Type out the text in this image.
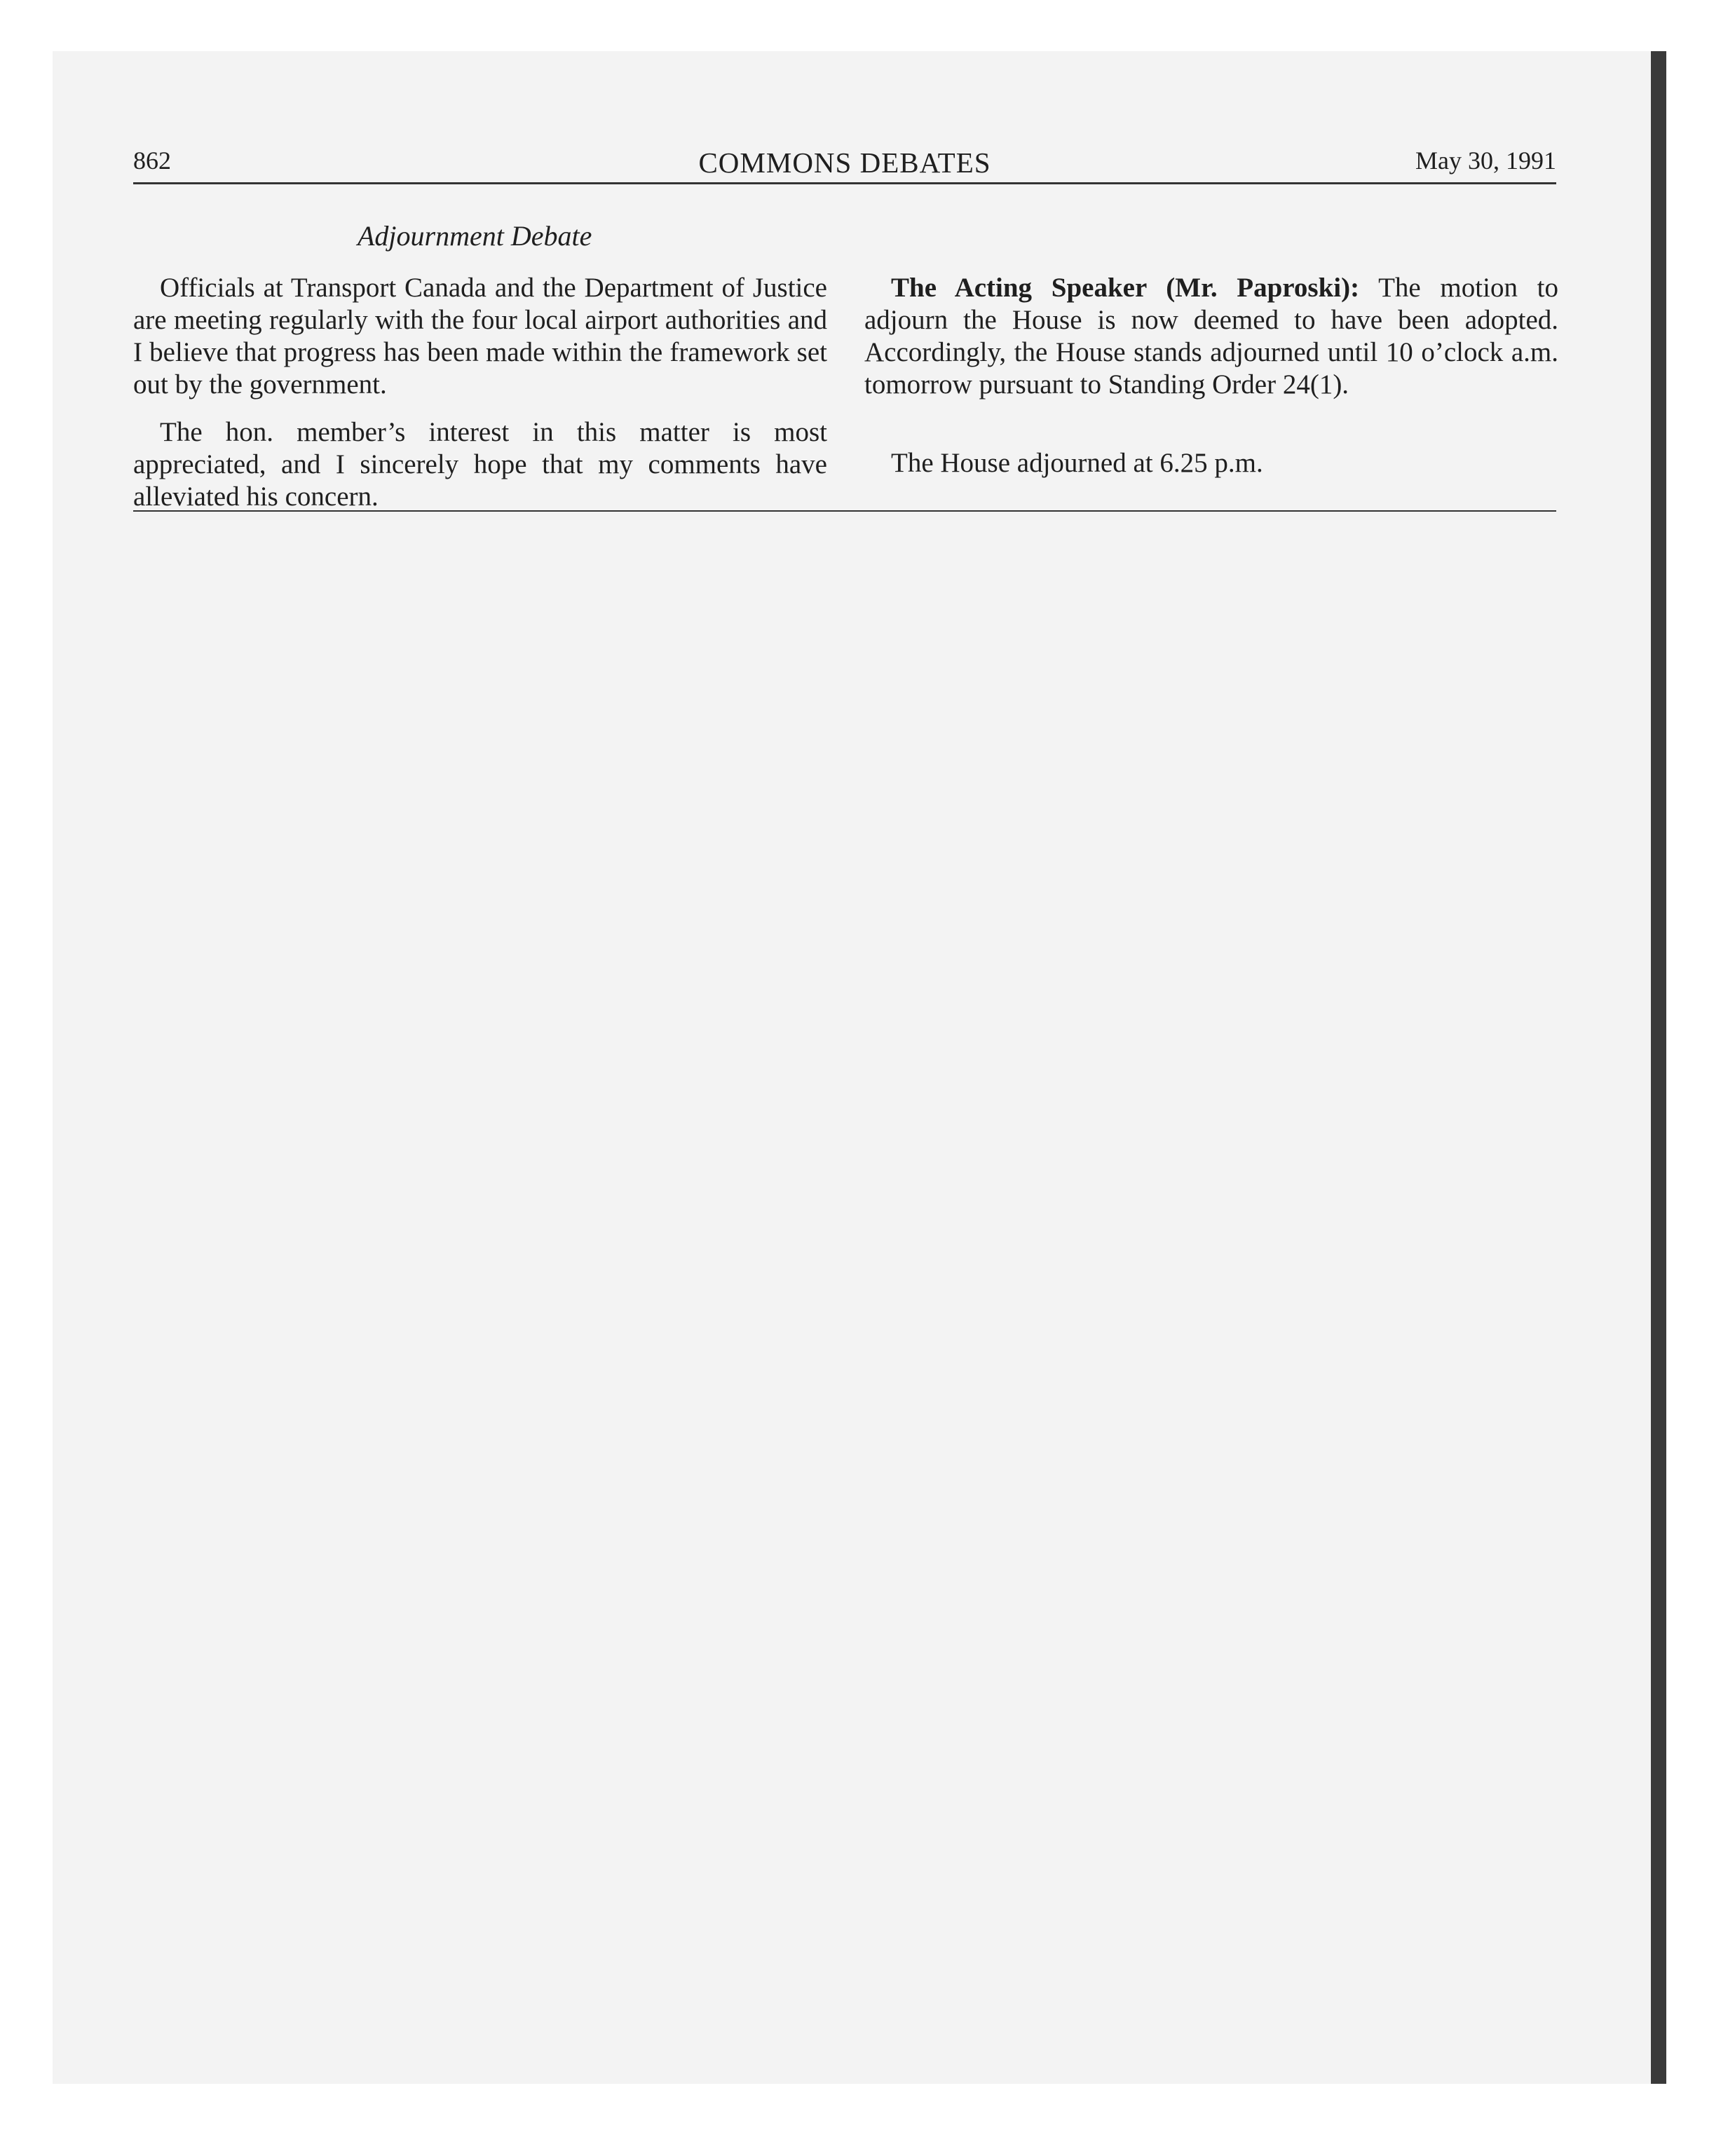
862	COMMONS DEBATES	May 30, 1991
Adjournment Debate

Officials at Transport Canada and the Department of Justice are meeting regularly with the four local airport authorities and I believe that progress has been made within the framework set out by the government.

The hon. member’s interest in this matter is most appreciated, and I sincerely hope that my comments have alleviated his concern.

The Acting Speaker (Mr. Paproski): The motion to adjourn the House is now deemed to have been adopted. Accordingly, the House stands adjourned until 10 o’clock a.m. tomorrow pursuant to Standing Order 24(1).

The House adjourned at 6.25 p.m.
